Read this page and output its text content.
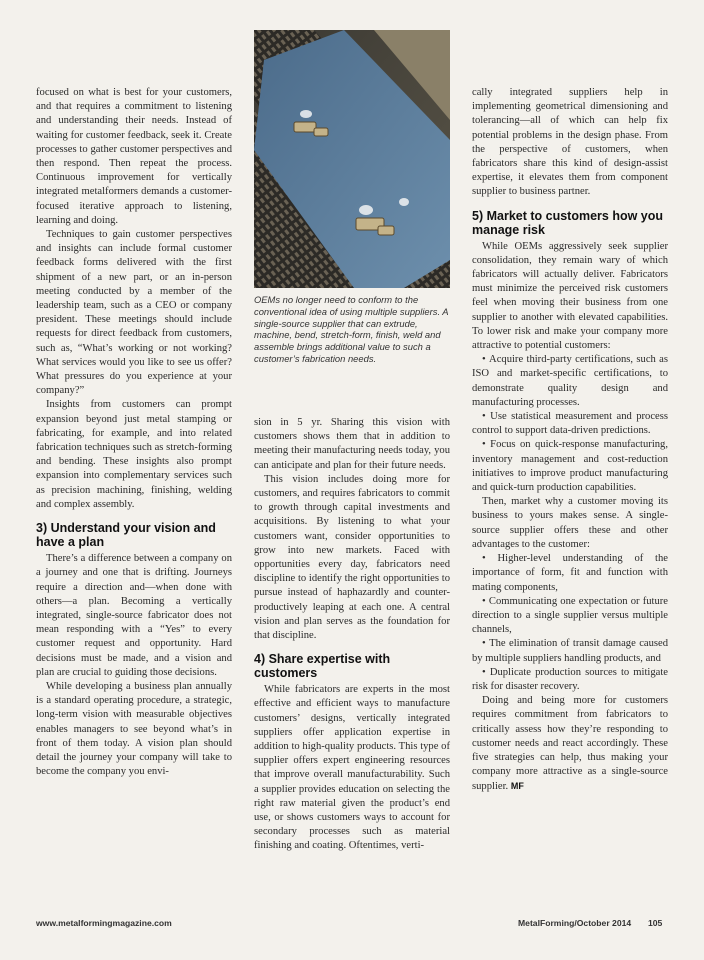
focused on what is best for your customers, and that requires a commitment to listening and understanding their needs. Instead of waiting for customer feedback, seek it. Create processes to gather customer perspectives and then respond. Then repeat the process. Continuous improvement for vertically integrated metalformers demands a customer-focused iterative approach to listening, learning and doing.

Techniques to gain customer perspectives and insights can include formal customer feedback forms delivered with the first shipment of a new part, or an in-person meeting conducted by a member of the leadership team, such as a CEO or company president. These meetings should include requests for direct feedback from customers, such as, “What’s working or not working? What services would you like to see us offer? What pressures do you experience at your company?”

Insights from customers can prompt expansion beyond just metal stamping or fabricating, for example, and into related fabrication techniques such as stretch-forming and bending. These insights also prompt expansion into complementary services such as precision machining, finishing, welding and complex assembly.

3) Understand your vision and have a plan

There’s a difference between a company on a journey and one that is drifting. Journeys require a direction and—when done with others—a plan. Becoming a vertically integrated, single-source fabricator does not mean responding with a “Yes” to every customer request and opportunity. Hard decisions must be made, and a vision and plan are crucial to guiding those decisions.

While developing a business plan annually is a standard operating procedure, a strategic, long-term vision with measurable objectives enables managers to see beyond what’s in front of them today. A vision plan should detail the journey your company will take to become the company you envi-

OEMs no longer need to conform to the conventional idea of using multiple suppliers. A single-source supplier that can extrude, machine, bend, stretch-form, finish, weld and assemble brings additional value to such a customer’s fabrication needs.

sion in 5 yr. Sharing this vision with customers shows them that in addition to meeting their manufacturing needs today, you can anticipate and plan for their future needs.

This vision includes doing more for customers, and requires fabricators to commit to growth through capital investments and acquisitions. By listening to what your customers want, consider opportunities to grow into new markets. Faced with opportunities every day, fabricators need discipline to identify the right opportunities to pursue instead of haphazardly and counter-productively leaping at each one. A central vision and plan serves as the foundation for that discipline.

4) Share expertise with customers

While fabricators are experts in the most effective and efficient ways to manufacture customers’ designs, vertically integrated suppliers offer application expertise in addition to high-quality products. This type of supplier offers expert engineering resources that improve overall manufacturability. Such a supplier provides education on selecting the right raw material given the product’s end use, or shows customers ways to account for secondary processes such as material finishing and coating. Oftentimes, verti-

cally integrated suppliers help in implementing geometrical dimensioning and tolerancing—all of which can help fix potential problems in the design phase. From the perspective of customers, when fabricators share this kind of design-assist expertise, it elevates them from component supplier to business partner.

5) Market to customers how you manage risk

While OEMs aggressively seek supplier consolidation, they remain wary of which fabricators will actually deliver. Fabricators must minimize the perceived risk customers feel when moving their business from one supplier to another with elevated capabilities. To lower risk and make your company more attractive to potential customers:

• Acquire third-party certifications, such as ISO and market-specific certifications, to demonstrate quality design and manufacturing processes.
• Use statistical measurement and process control to support data-driven predictions.
• Focus on quick-response manufacturing, inventory management and cost-reduction initiatives to improve product manufacturing and quick-turn production capabilities.

Then, market why a customer moving its business to yours makes sense. A single-source supplier offers these and other advantages to the customer:

• Higher-level understanding of the importance of form, fit and function with mating components,
• Communicating one expectation or future direction to a single supplier versus multiple channels,
• The elimination of transit damage caused by multiple suppliers handling products, and
• Duplicate production sources to mitigate risk for disaster recovery.

Doing and being more for customers requires commitment from fabricators to critically assess how they’re responding to customer needs and react accordingly. These five strategies can help, thus making your company more attractive as a single-source supplier. MF

www.metalformingmagazine.com	MetalForming/October 2014 105
